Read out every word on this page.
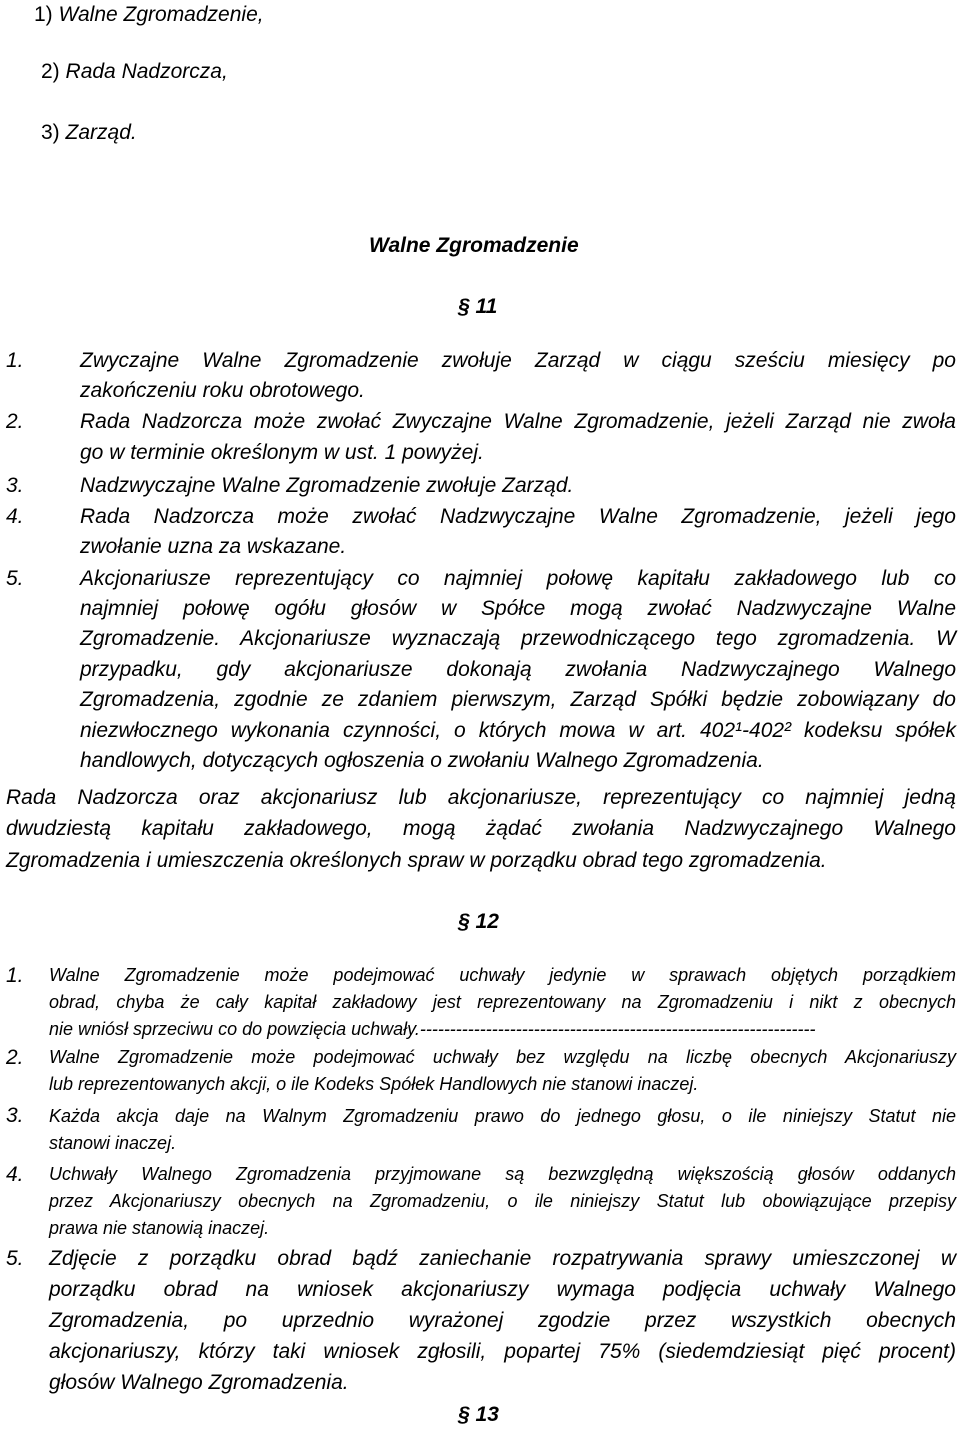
1) Walne Zgromadzenie,
2) Rada Nadzorcza,
3) Zarząd.
Walne Zgromadzenie
§ 11
1.	Zwyczajne Walne Zgromadzenie zwołuje Zarząd w ciągu sześciu miesięcy po
zakończeniu roku obrotowego.
2.	Rada Nadzorcza może zwołać Zwyczajne Walne Zgromadzenie, jeżeli Zarząd nie zwoła
go w terminie określonym w ust. 1 powyżej.
3.	Nadzwyczajne Walne Zgromadzenie zwołuje Zarząd.
4.	Rada Nadzorcza może zwołać Nadzwyczajne Walne Zgromadzenie, jeżeli jego
zwołanie uzna za wskazane.
5.	Akcjonariusze reprezentujący co najmniej połowę kapitału zakładowego lub co
najmniej połowę ogółu głosów w Spółce mogą zwołać Nadzwyczajne Walne
Zgromadzenie. Akcjonariusze wyznaczają przewodniczącego tego zgromadzenia. W
przypadku, gdy akcjonariusze dokonają zwołania Nadzwyczajnego Walnego
Zgromadzenia, zgodnie ze zdaniem pierwszym, Zarząd Spółki będzie zobowiązany do
niezwłocznego wykonania czynności, o których mowa w art. 402¹-402² kodeksu spółek
handlowych, dotyczących ogłoszenia o zwołaniu Walnego Zgromadzenia.
Rada Nadzorcza oraz akcjonariusz lub akcjonariusze, reprezentujący co najmniej jedną
dwudziestą kapitału zakładowego, mogą żądać zwołania Nadzwyczajnego Walnego
Zgromadzenia i umieszczenia określonych spraw w porządku obrad tego zgromadzenia.
§ 12
1. Walne Zgromadzenie może podejmować uchwały jedynie w sprawach objętych porządkiem
obrad, chyba że cały kapitał zakładowy jest reprezentowany na Zgromadzeniu i nikt z obecnych
nie wniósł sprzeciwu co do powzięcia uchwały.------------------------------------------------------------------
2. Walne Zgromadzenie może podejmować uchwały bez względu na liczbę obecnych Akcjonariuszy
lub reprezentowanych akcji, o ile Kodeks Spółek Handlowych nie stanowi inaczej.
3. Każda akcja daje na Walnym Zgromadzeniu prawo do jednego głosu, o ile niniejszy Statut nie
stanowi inaczej.
4. Uchwały Walnego Zgromadzenia przyjmowane są bezwzględną większością głosów oddanych
przez Akcjonariuszy obecnych na Zgromadzeniu, o ile niniejszy Statut lub obowiązujące przepisy
prawa nie stanowią inaczej.
5. Zdjęcie z porządku obrad bądź zaniechanie rozpatrywania sprawy umieszczonej w
porządku obrad na wniosek akcjonariuszy wymaga podjęcia uchwały Walnego
Zgromadzenia, po uprzednio wyrażonej zgodzie przez wszystkich obecnych
akcjonariuszy, którzy taki wniosek zgłosili, popartej 75% (siedemdziesiąt pięć procent)
głosów Walnego Zgromadzenia.
§ 13
